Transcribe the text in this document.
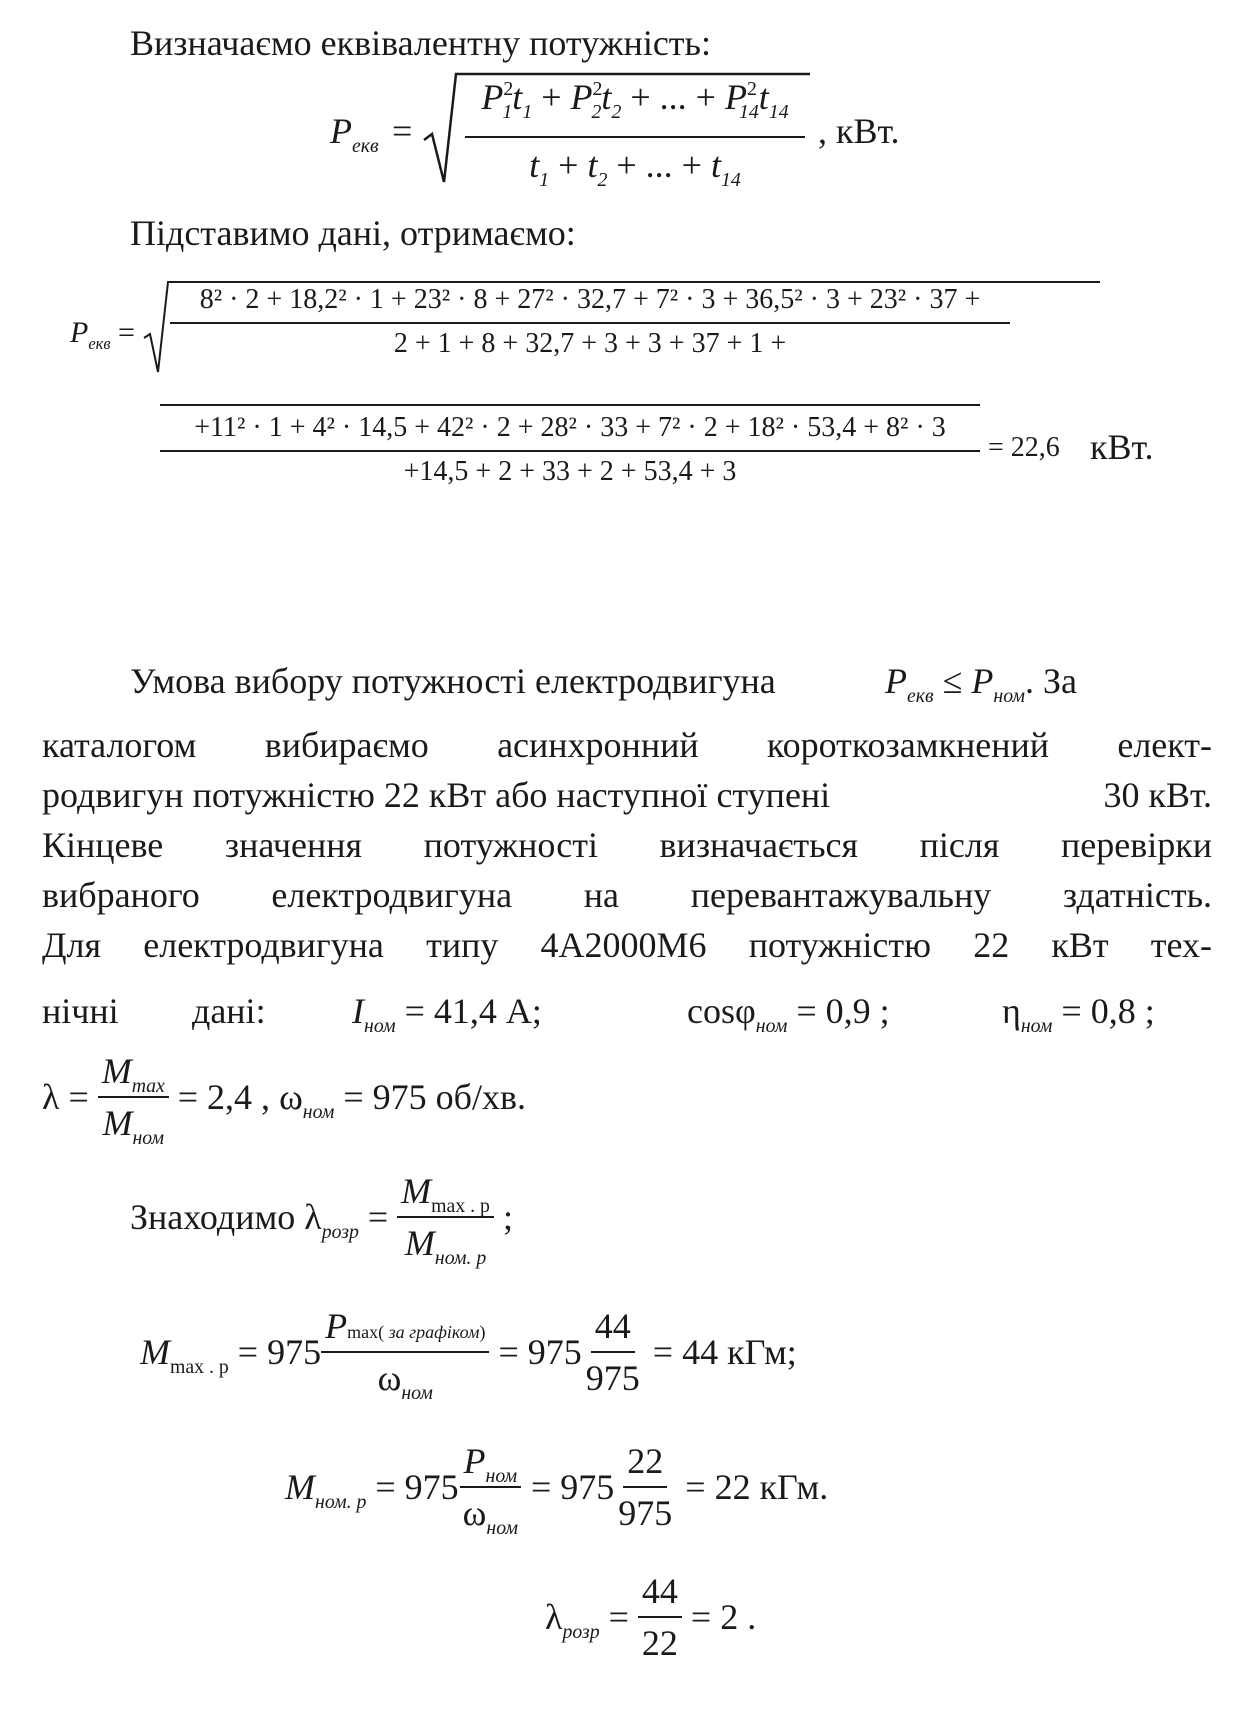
Визначаємо еквівалентну потужність:
$P_{екв}$ =
$P^2_1t_1 + P^2_2t_2$ + ... + $P^2_{14}t_{14}$
$t_1 + t_2$ + ... + $t_{14}$
, кВт.
Підставимо дані, отримаємо:
$P_{екв}$ =
8² · 2 + 18,2² · 1 + 23² · 8 + 27² · 32,7 + 7² · 3 + 36,5² · 3 + 23² · 37 +
2 + 1 + 8 + 32,7 + 3 + 3 + 37 + 1 +
+11² · 1 + 4² · 14,5 + 42² · 2 + 28² · 33 + 7² · 2 + 18² · 53,4 + 8² · 3
+14,5 + 2 + 33 + 2 + 53,4 + 3
= 22,6 кВт.
Умова вибору потужності електродвигуна	$P_{екв} \le P_{ном}$. За
каталогом вибираємо асинхронний короткозамкнений елект-
родвигун потужністю 22 кВт або наступної ступені	30 кВт.
Кінцеве значення потужності визначається після перевірки
вибраного електродвигуна на перевантажувальну здатність.
Для електродвигуна типу 4А2000М6 потужністю 22 кВт тех-
нічні дані: $I_{ном} = 41,4$ А;	cosφ$_{ном}$ = 0,9 ;	$\eta_{ном} = 0,8$ ;
$\lambda = \frac{M_{max}}{M_{ном}} = 2,4$ , $\omega_{ном} = 975$ об/хв.
Знаходимо $\lambda_{розр} = \frac{M_{max . p}}{M_{ном. p}}$ ;
$M_{max . p} = 975 \frac{\text{Pmax( за графіком)}}{\omega_{ном}} = 975 \frac{44}{975} = 44$ кГм;
$M_{ном. p} = 975 \frac{P_{ном}}{\omega_{ном}} = 975 \frac{22}{975} = 22$ кГм.
$\lambda_{розр} = \frac{44}{22} = 2$ .
